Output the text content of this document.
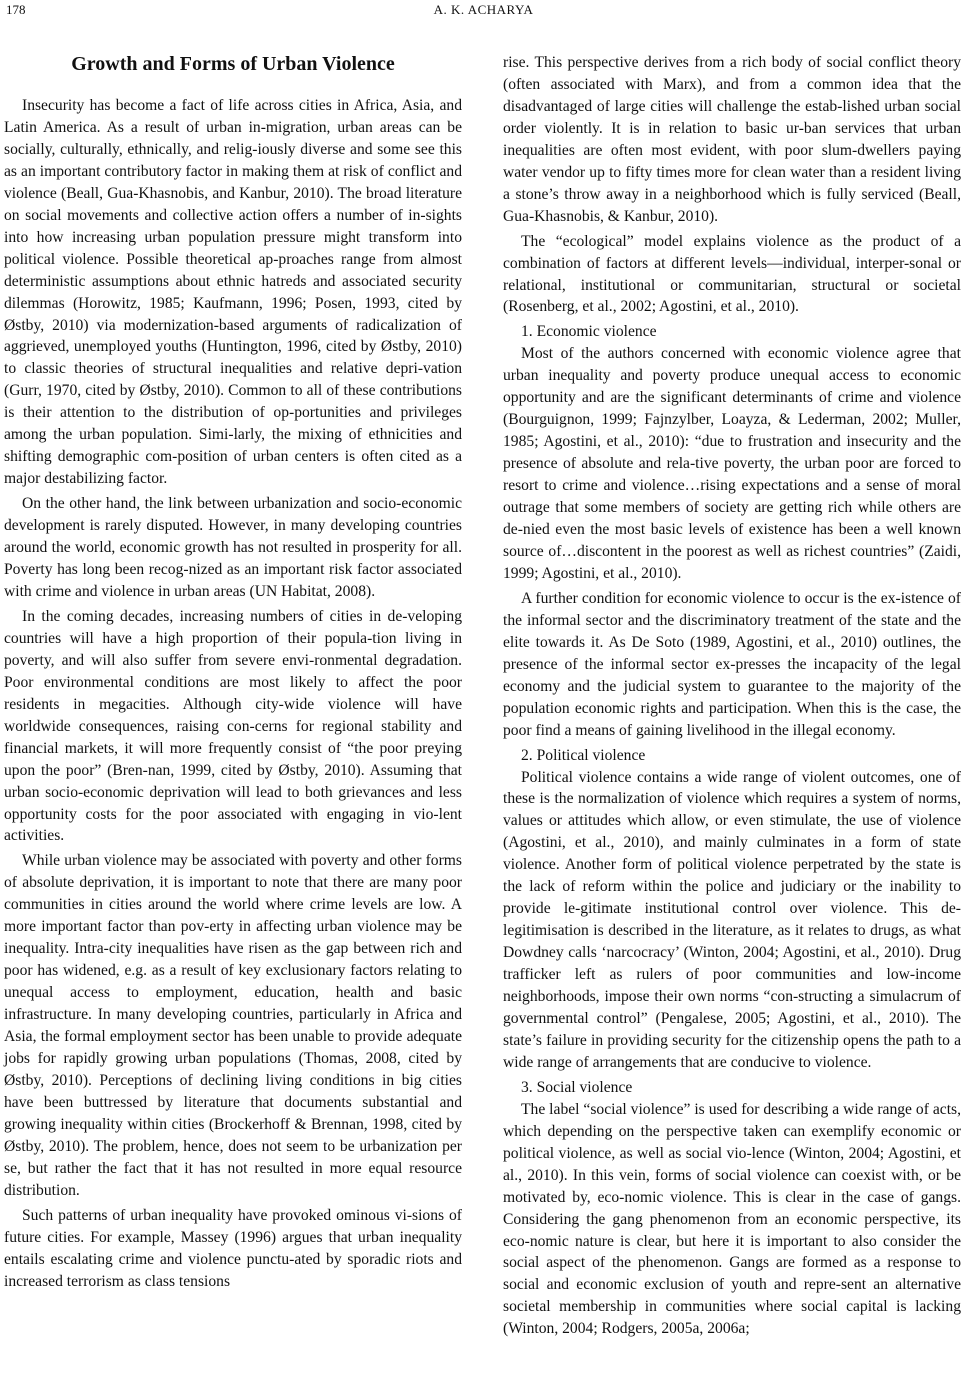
178	A. K. ACHARYA
Growth and Forms of Urban Violence

Insecurity has become a fact of life across cities in Africa, Asia, and Latin America. As a result of urban in-migration, urban areas can be socially, culturally, ethnically, and relig-iously diverse and some see this as an important contributory factor in making them at risk of conflict and violence (Beall, Gua-Khasnobis, and Kanbur, 2010). The broad literature on social movements and collective action offers a number of in-sights into how increasing urban population pressure might transform into political violence. Possible theoretical ap-proaches range from almost deterministic assumptions about ethnic hatreds and associated security dilemmas (Horowitz, 1985; Kaufmann, 1996; Posen, 1993, cited by Østby, 2010) via modernization-based arguments of radicalization of aggrieved, unemployed youths (Huntington, 1996, cited by Østby, 2010) to classic theories of structural inequalities and relative depri-vation (Gurr, 1970, cited by Østby, 2010). Common to all of these contributions is their attention to the distribution of op-portunities and privileges among the urban population. Simi-larly, the mixing of ethnicities and shifting demographic com-position of urban centers is often cited as a major destabilizing factor.

On the other hand, the link between urbanization and socio-economic development is rarely disputed. However, in many developing countries around the world, economic growth has not resulted in prosperity for all. Poverty has long been recog-nized as an important risk factor associated with crime and violence in urban areas (UN Habitat, 2008).

In the coming decades, increasing numbers of cities in de-veloping countries will have a high proportion of their popula-tion living in poverty, and will also suffer from severe envi-ronmental degradation. Poor environmental conditions are most likely to affect the poor residents in megacities. Although city-wide violence will have worldwide consequences, raising con-cerns for regional stability and financial markets, it will more frequently consist of “the poor preying upon the poor” (Bren-nan, 1999, cited by Østby, 2010). Assuming that urban socio-economic deprivation will lead to both grievances and less opportunity costs for the poor associated with engaging in vio-lent activities.

While urban violence may be associated with poverty and other forms of absolute deprivation, it is important to note that there are many poor communities in cities around the world where crime levels are low. A more important factor than pov-erty in affecting urban violence may be inequality. Intra-city inequalities have risen as the gap between rich and poor has widened, e.g. as a result of key exclusionary factors relating to unequal access to employment, education, health and basic infrastructure. In many developing countries, particularly in Africa and Asia, the formal employment sector has been unable to provide adequate jobs for rapidly growing urban populations (Thomas, 2008, cited by Østby, 2010). Perceptions of declining living conditions in big cities have been buttressed by literature that documents substantial and growing inequality within cities (Brockerhoff & Brennan, 1998, cited by Østby, 2010). The problem, hence, does not seem to be urbanization per se, but rather the fact that it has not resulted in more equal resource distribution.

Such patterns of urban inequality have provoked ominous vi-sions of future cities. For example, Massey (1996) argues that urban inequality entails escalating crime and violence punctu-ated by sporadic riots and increased terrorism as class tensions

rise. This perspective derives from a rich body of social conflict theory (often associated with Marx), and from a common idea that the disadvantaged of large cities will challenge the estab-lished urban social order violently. It is in relation to basic ur-ban services that urban inequalities are often most evident, with poor slum-dwellers paying water vendor up to fifty times more for clean water than a resident living a stone’s throw away in a neighborhood which is fully serviced (Beall, Gua-Khasnobis, & Kanbur, 2010).

The “ecological” model explains violence as the product of a combination of factors at different levels—individual, interper-sonal or relational, institutional or communitarian, structural or societal (Rosenberg, et al., 2002; Agostini, et al., 2010).

1. Economic violence

Most of the authors concerned with economic violence agree that urban inequality and poverty produce unequal access to economic opportunity and are the significant determinants of crime and violence (Bourguignon, 1999; Fajnzylber, Loayza, & Lederman, 2002; Muller, 1985; Agostini, et al., 2010): “due to frustration and insecurity and the presence of absolute and rela-tive poverty, the urban poor are forced to resort to crime and violence…rising expectations and a sense of moral outrage that some members of society are getting rich while others are de-nied even the most basic levels of existence has been a well known source of…discontent in the poorest as well as richest countries” (Zaidi, 1999; Agostini, et al., 2010).

A further condition for economic violence to occur is the ex-istence of the informal sector and the discriminatory treatment of the state and the elite towards it. As De Soto (1989, Agostini, et al., 2010) outlines, the presence of the informal sector ex-presses the incapacity of the legal economy and the judicial system to guarantee to the majority of the population economic rights and participation. When this is the case, the poor find a means of gaining livelihood in the illegal economy.

2. Political violence

Political violence contains a wide range of violent outcomes, one of these is the normalization of violence which requires a system of norms, values or attitudes which allow, or even stimulate, the use of violence (Agostini, et al., 2010), and mainly culminates in a form of state violence. Another form of political violence perpetrated by the state is the lack of reform within the police and judiciary or the inability to provide le-gitimate institutional control over violence. This de-legitimisation is described in the literature, as it relates to drugs, as what Dowdney calls ‘narcocracy’ (Winton, 2004; Agostini, et al., 2010). Drug trafficker left as rulers of poor communities and low-income neighborhoods, impose their own norms “con-structing a simulacrum of governmental control” (Pengalese, 2005; Agostini, et al., 2010). The state’s failure in providing security for the citizenship opens the path to a wide range of arrangements that are conducive to violence.

3. Social violence

The label “social violence” is used for describing a wide range of acts, which depending on the perspective taken can exemplify economic or political violence, as well as social vio-lence (Winton, 2004; Agostini, et al., 2010). In this vein, forms of social violence can coexist with, or be motivated by, eco-nomic violence. This is clear in the case of gangs. Considering the gang phenomenon from an economic perspective, its eco-nomic nature is clear, but here it is important to also consider the social aspect of the phenomenon. Gangs are formed as a response to social and economic exclusion of youth and repre-sent an alternative societal membership in communities where social capital is lacking (Winton, 2004; Rodgers, 2005a, 2006a;
